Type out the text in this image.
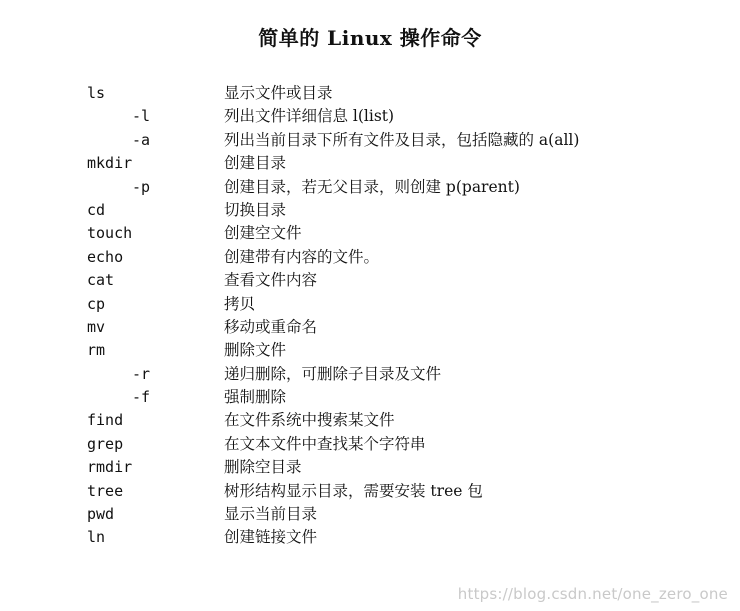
简单的 Linux 操作命令
ls	显示文件或目录
-l	列出文件详细信息 l(list)
-a	列出当前目录下所有文件及目录，包括隐藏的 a(all)
mkdir	创建目录
-p	创建目录，若无父目录，则创建 p(parent)
cd	切换目录
touch	创建空文件
echo	创建带有内容的文件。
cat	查看文件内容
cp	拷贝
mv	移动或重命名
rm	删除文件
-r	递归删除，可删除子目录及文件
-f	强制删除
find	在文件系统中搜索某文件
grep	在文本文件中查找某个字符串
rmdir	删除空目录
tree	树形结构显示目录，需要安装 tree 包
pwd	显示当前目录
ln	创建链接文件
https://blog.csdn.net/one_zero_one
